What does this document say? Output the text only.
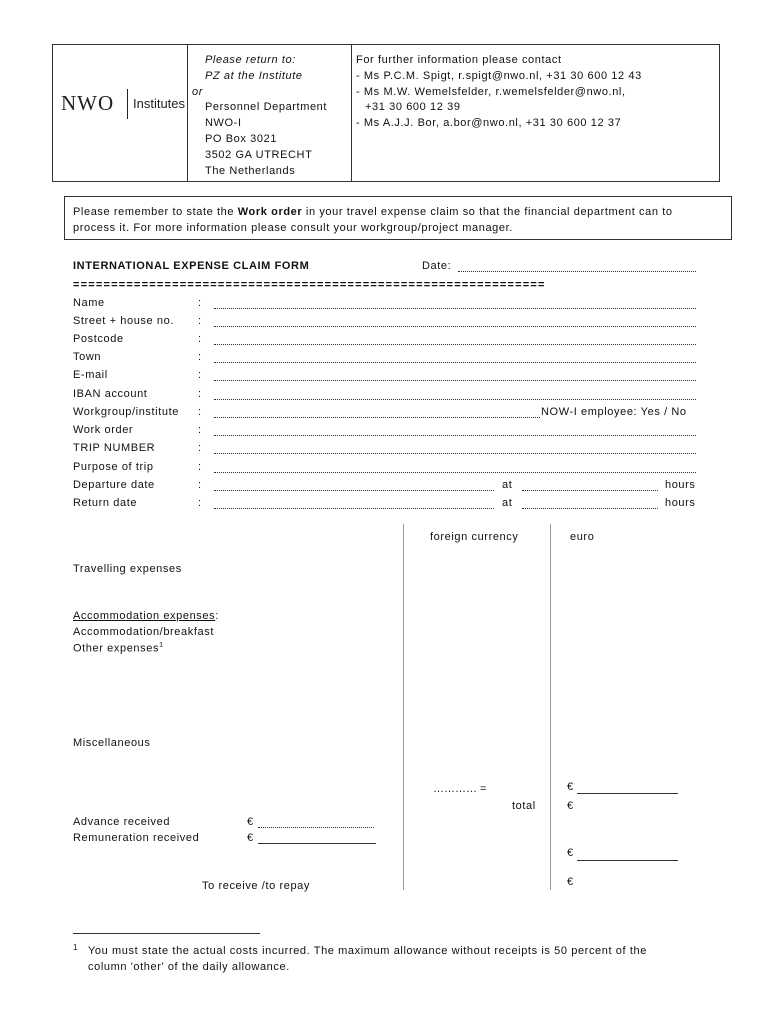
NWO Institutes
Please return to:
PZ at the Institute
or
Personnel Department
NWO-I
PO Box 3021
3502 GA UTRECHT
The Netherlands
For further information please contact
- Ms P.C.M. Spigt, r.spigt@nwo.nl, +31 30 600 12 43
- Ms M.W. Wemelsfelder, r.wemelsfelder@nwo.nl,
+31 30 600 12 39
- Ms A.J.J. Bor, a.bor@nwo.nl, +31 30 600 12 37
Please remember to state the Work order in your travel expense claim so that the financial department can to
process it. For more information please consult your workgroup/project manager.
INTERNATIONAL EXPENSE CLAIM FORM	Date:
==============================================================
Name	:
Street + house no. :
Postcode	:
Town	:
E-mail	:
IBAN account	:
Workgroup/institute :	NOW-I employee: Yes / No
Work order	:
TRIP NUMBER	:
Purpose of trip	:
Departure date	:	at	hours
Return date	:	at	hours
foreign currency	euro
Travelling expenses
Accommodation expenses:
Accommodation/breakfast
Other expenses$^1$
Miscellaneous
………… =	€
total	€
Advance received	€
Remuneration received	€
€
To receive /to repay	€
1 You must state the actual costs incurred. The maximum allowance without receipts is 50 percent of the
column 'other' of the daily allowance.
